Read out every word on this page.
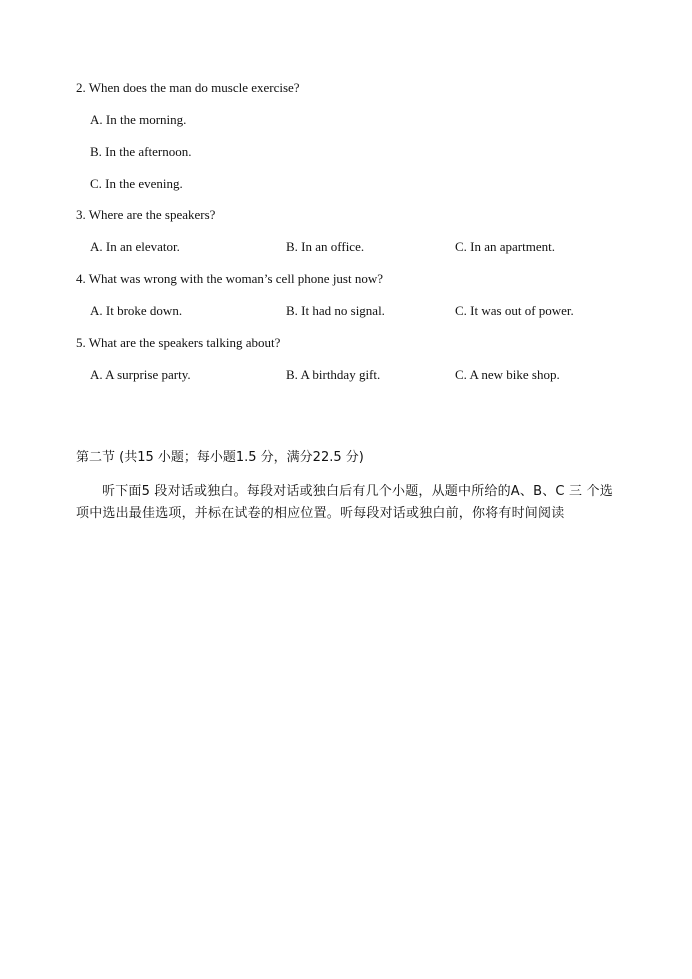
2. When does the man do muscle exercise?
A. In the morning.
B. In the afternoon.
C. In the evening.
3. Where are the speakers?
A. In an elevator.	B. In an office.	C. In an apartment.
4. What was wrong with the woman’s cell phone just now?
A. It broke down.	B. It had no signal.	C. It was out of power.
5. What are the speakers talking about?
A. A surprise party.	B. A birthday gift.	C. A new bike shop.
第二节 (共15 小题；每小题1.5 分，满分22.5 分)
听下面5 段对话或独白。每段对话或独白后有几个小题，从题中所给的A、B、C 三 个选项中选出最佳选项，并标在试卷的相应位置。听每段对话或独白前，你将有时间阅读
